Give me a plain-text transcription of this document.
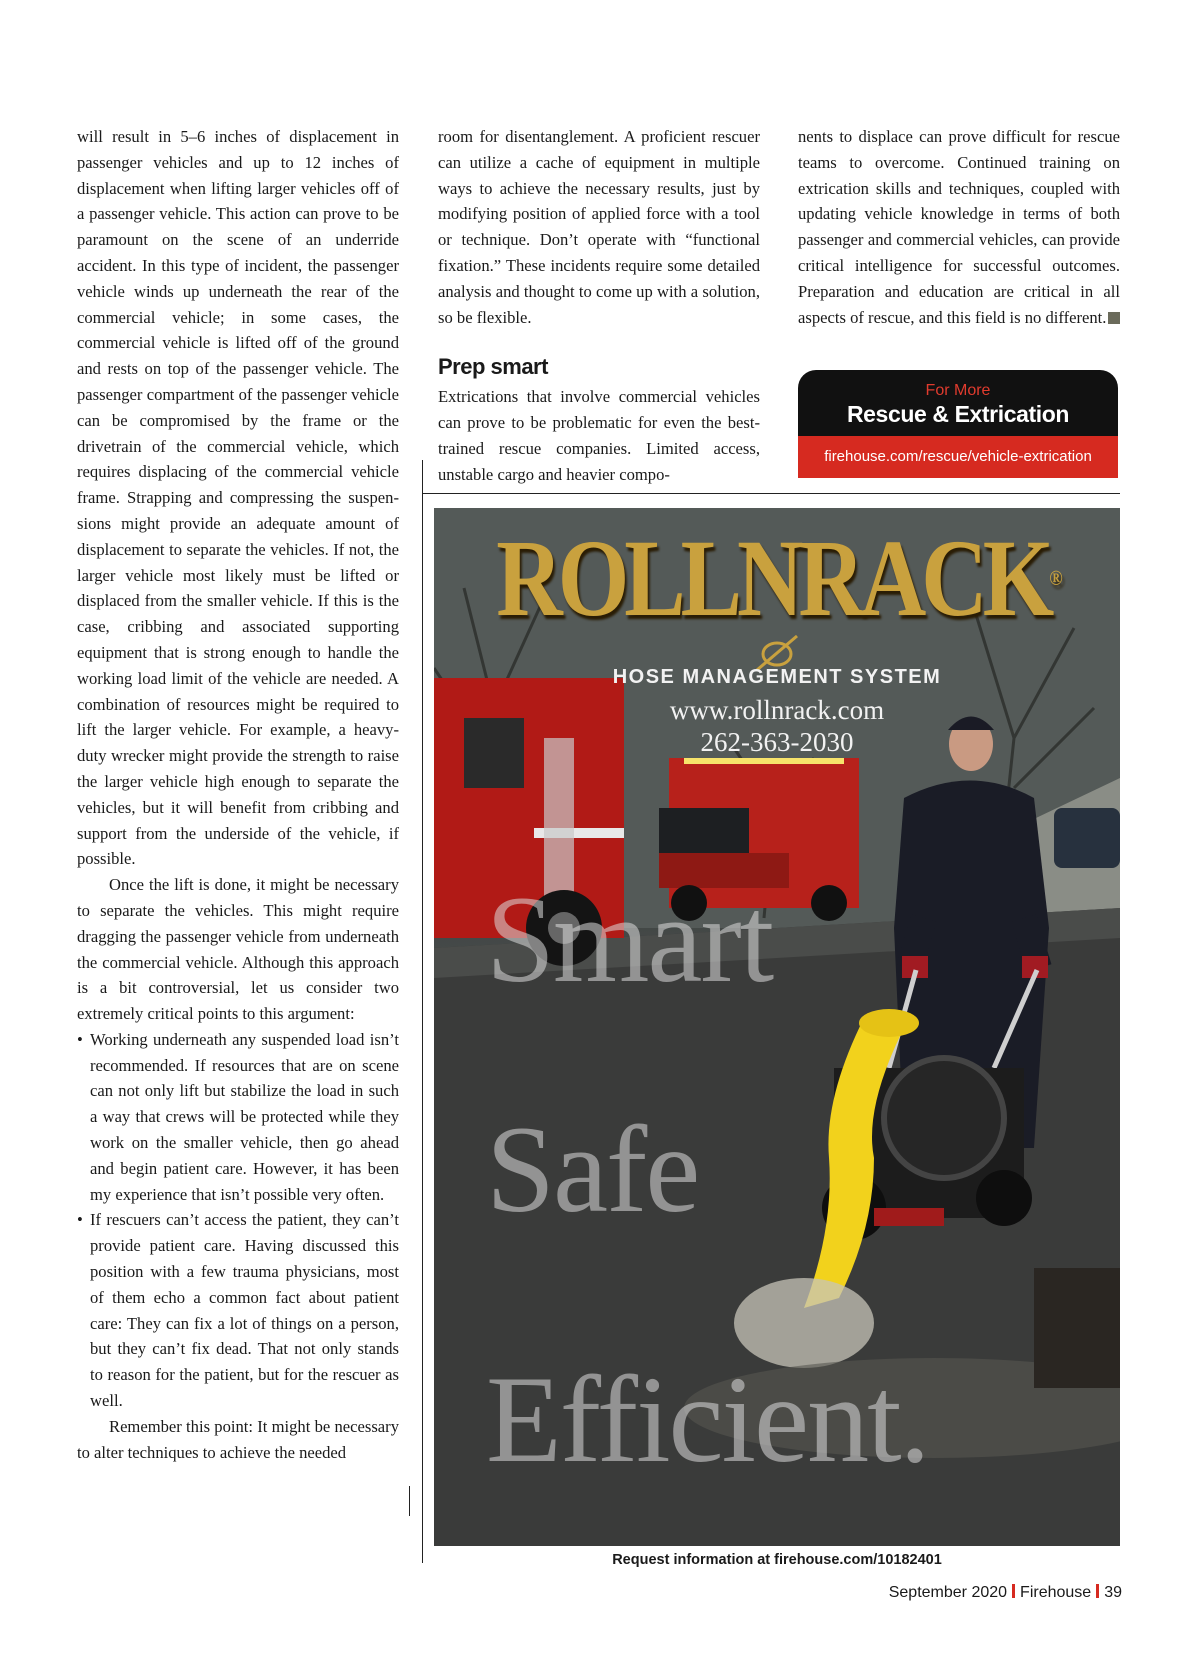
will result in 5–6 inches of displacement in passenger vehicles and up to 12 inches of displacement when lifting larger vehicles off of a passenger vehicle. This action can prove to be paramount on the scene of an underride accident. In this type of incident, the passenger vehicle winds up underneath the rear of the commercial vehicle; in some cases, the commercial vehicle is lifted off of the ground and rests on top of the passenger vehicle. The passenger compartment of the passenger vehicle can be compromised by the frame or the drivetrain of the commercial vehicle, which requires displacing of the commercial vehicle frame. Strapping and compressing the suspensions might provide an adequate amount of displacement to separate the vehicles. If not, the larger vehicle most likely must be lifted or displaced from the smaller vehicle. If this is the case, cribbing and associated supporting equipment that is strong enough to handle the working load limit of the vehicle are needed. A combination of resources might be required to lift the larger vehicle. For example, a heavy-duty wrecker might provide the strength to raise the larger vehicle high enough to separate the vehicles, but it will benefit from cribbing and support from the underside of the vehicle, if possible.

Once the lift is done, it might be necessary to separate the vehicles. This might require dragging the passenger vehicle from underneath the commercial vehicle. Although this approach is a bit controversial, let us consider two extremely critical points to this argument:

• Working underneath any suspended load isn’t recommended. If resources that are on scene can not only lift but stabilize the load in such a way that crews will be protected while they work on the smaller vehicle, then go ahead and begin patient care. However, it has been my experience that isn’t possible very often.
• If rescuers can’t access the patient, they can’t provide patient care. Having discussed this position with a few trauma physicians, most of them echo a common fact about patient care: They can fix a lot of things on a person, but they can’t fix dead. That not only stands to reason for the patient, but for the rescuer as well.

Remember this point: It might be necessary to alter techniques to achieve the needed

room for disentanglement. A proficient rescuer can utilize a cache of equipment in multiple ways to achieve the necessary results, just by modifying position of applied force with a tool or technique. Don’t operate with “functional fixation.” These incidents require some detailed analysis and thought to come up with a solution, so be flexible.

Prep smart

Extrications that involve commercial vehicles can prove to be problematic for even the best-trained rescue companies. Limited access, unstable cargo and heavier compo-

nents to displace can prove difficult for rescue teams to overcome. Continued training on extrication skills and techniques, coupled with updating vehicle knowledge in terms of both passenger and commercial vehicles, can provide critical intelligence for successful outcomes. Preparation and education are critical in all aspects of rescue, and this field is no different.

For More
Rescue & Extrication
firehouse.com/rescue/vehicle-extrication
ROLLNRACK®
HOSE MANAGEMENT SYSTEM
www.rollnrack.com
262-363-2030
Smart
Safe
Efficient.
Request information at firehouse.com/10182401
September 2020 Firehouse 39
